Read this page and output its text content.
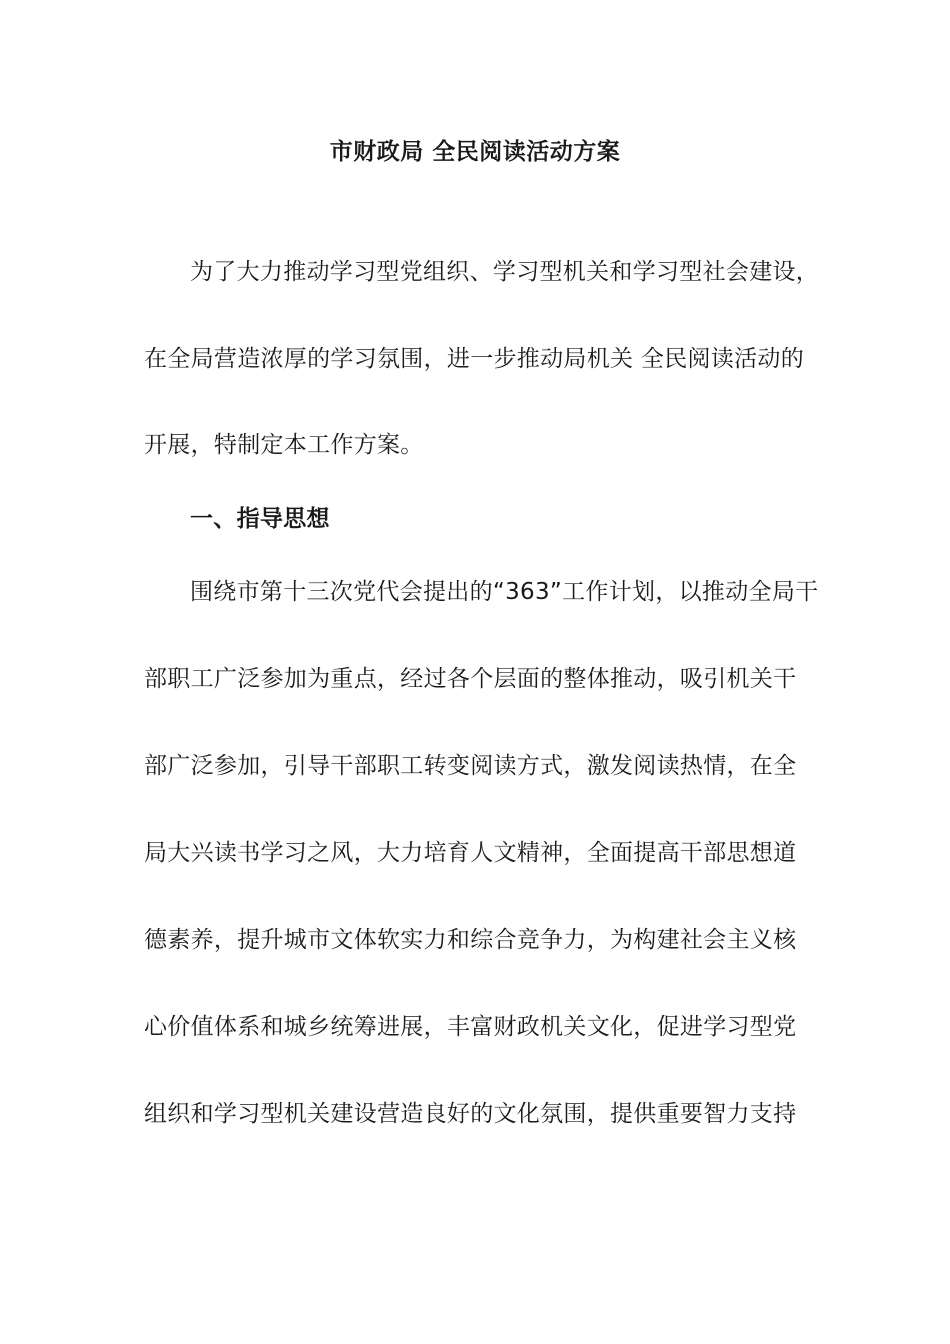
市财政局 全民阅读活动方案
为了大力推动学习型党组织、学习型机关和学习型社会建设，
在全局营造浓厚的学习氛围，进一步推动局机关 全民阅读活动的
开展，特制定本工作方案。
一、指导思想
围绕市第十三次党代会提出的“363”工作计划，以推动全局干
部职工广泛参加为重点，经过各个层面的整体推动，吸引机关干
部广泛参加，引导干部职工转变阅读方式，激发阅读热情，在全
局大兴读书学习之风，大力培育人文精神，全面提高干部思想道
德素养，提升城市文体软实力和综合竞争力，为构建社会主义核
心价值体系和城乡统筹进展，丰富财政机关文化，促进学习型党
组织和学习型机关建设营造良好的文化氛围，提供重要智力支持
